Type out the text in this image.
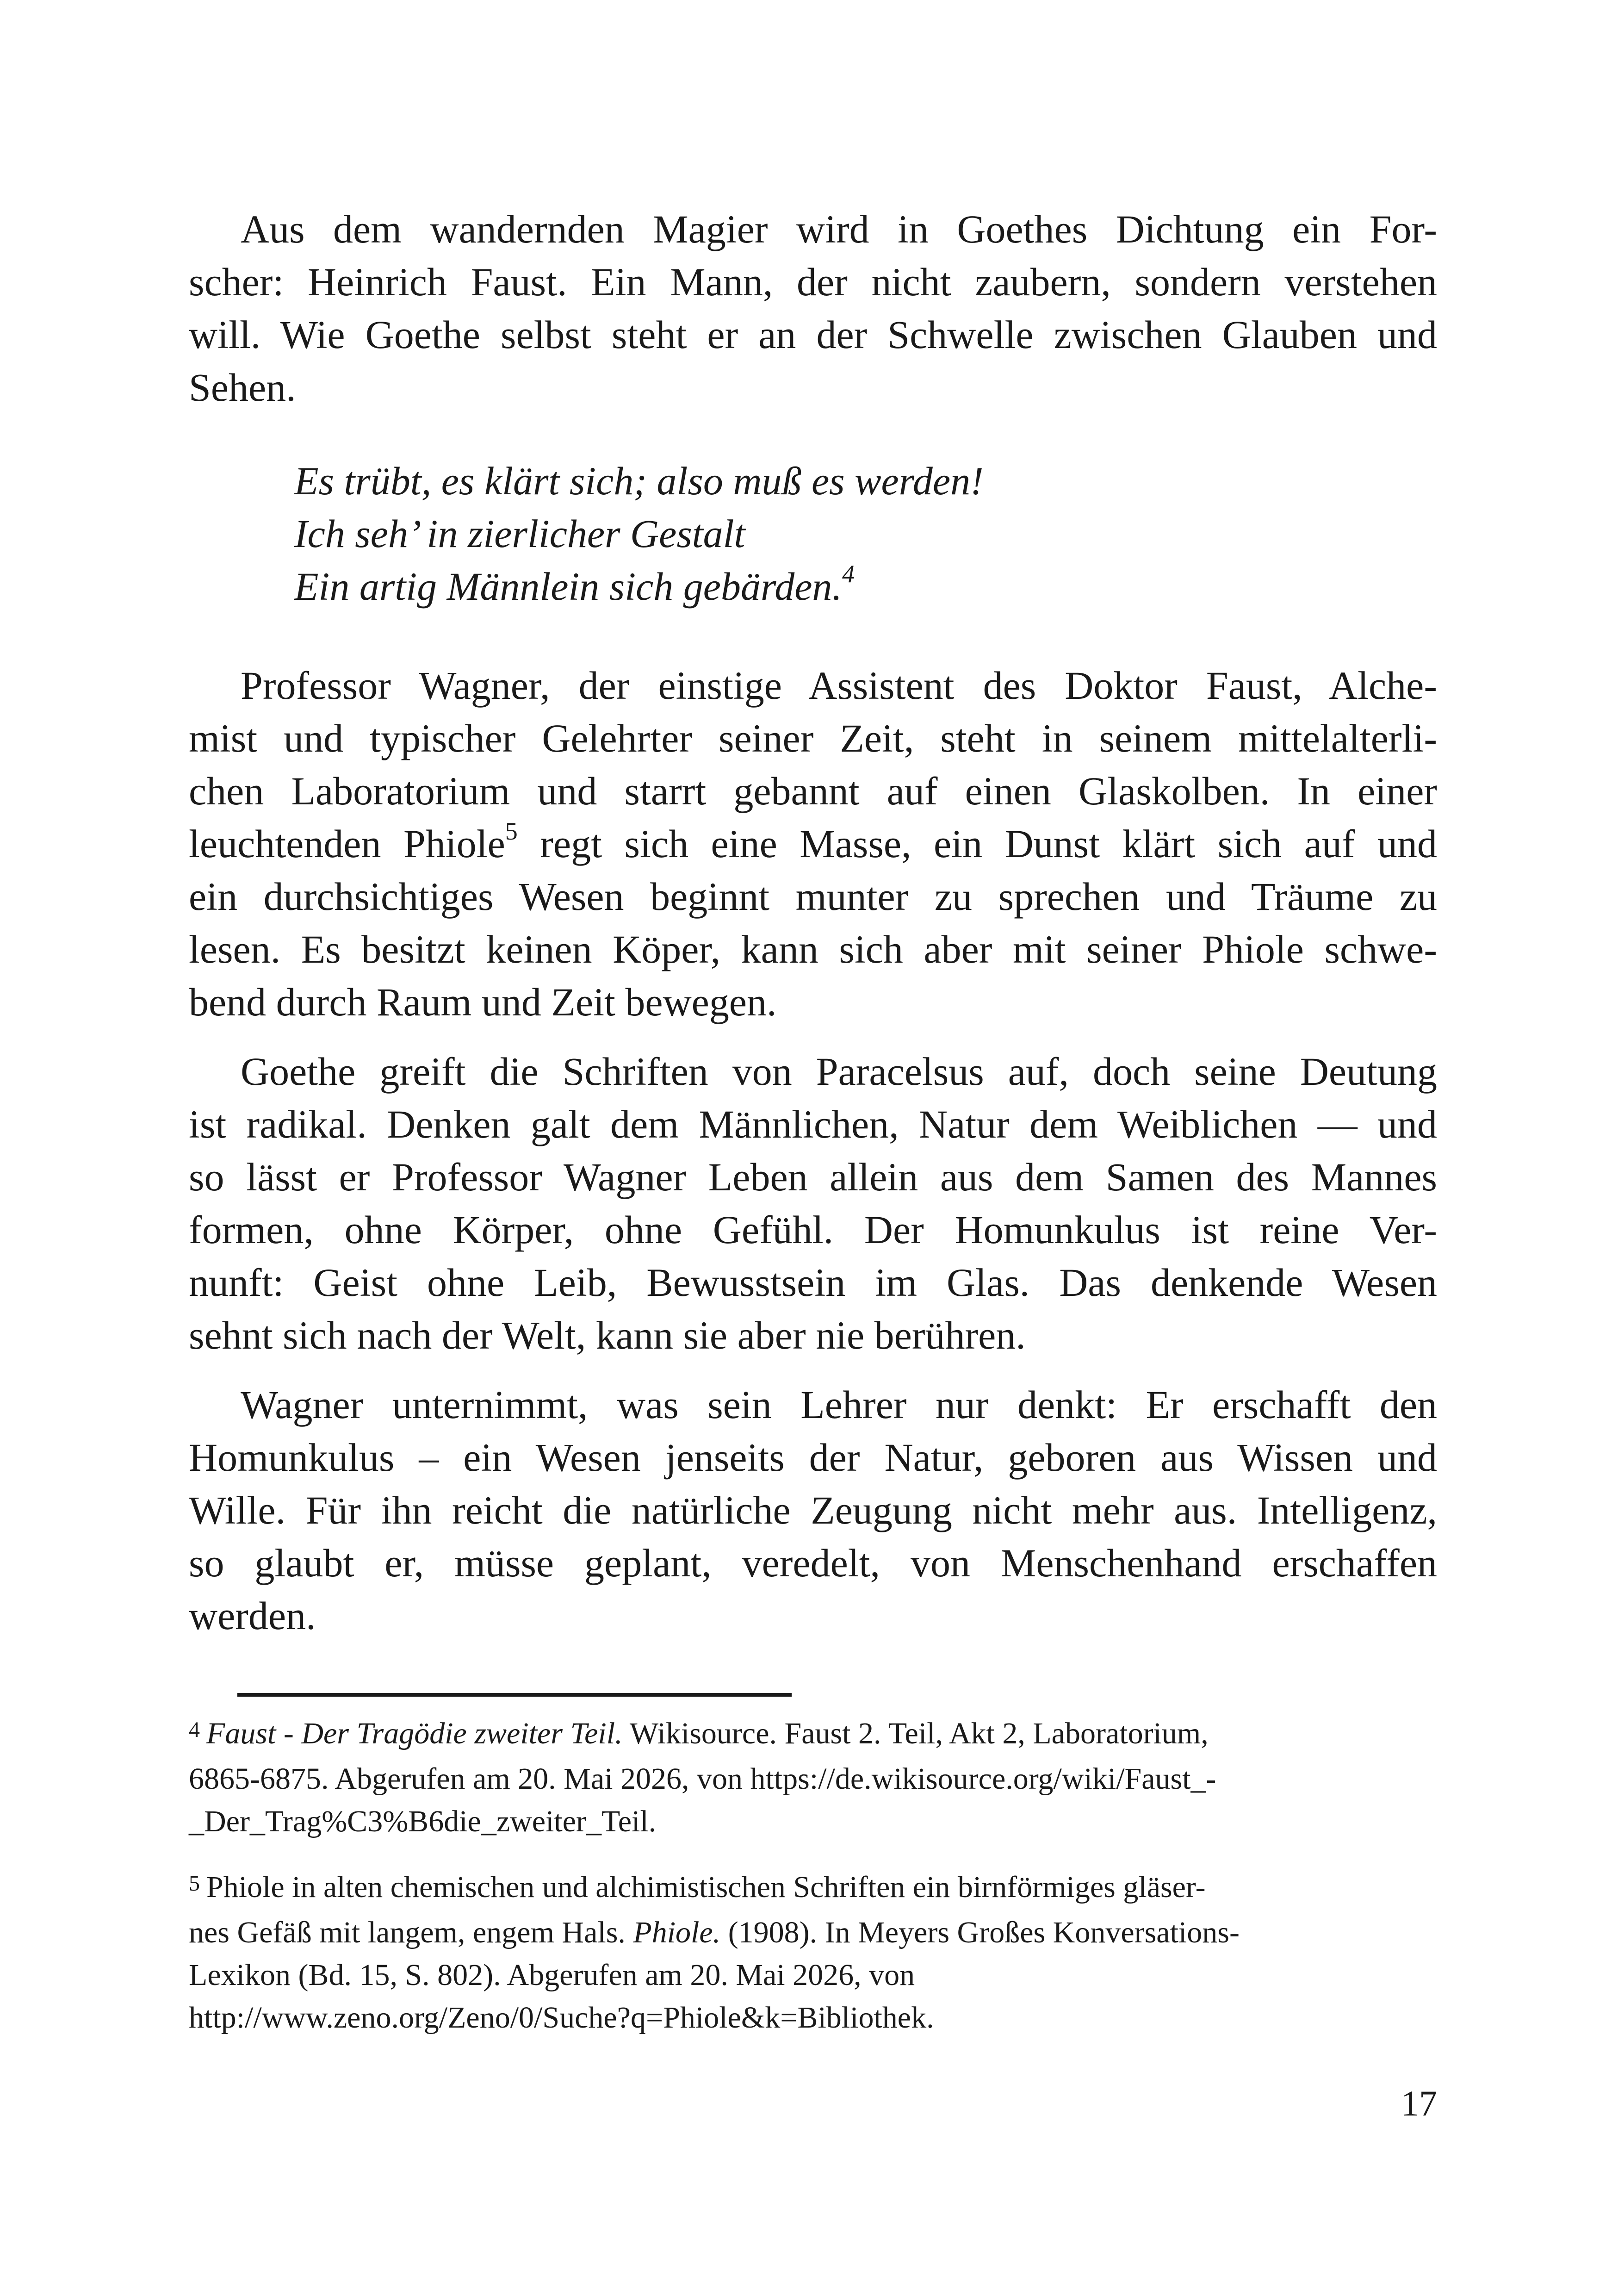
Aus dem wandernden Magier wird in Goethes Dichtung ein For-
scher: Heinrich Faust. Ein Mann, der nicht zaubern, sondern verstehen
will. Wie Goethe selbst steht er an der Schwelle zwischen Glauben und
Sehen.
Es trübt, es klärt sich; also muß es werden!
Ich seh’ in zierlicher Gestalt
Ein artig Männlein sich gebärden.$^4$
Professor Wagner, der einstige Assistent des Doktor Faust, Alche-
mist und typischer Gelehrter seiner Zeit, steht in seinem mittelalterli-
chen Laboratorium und starrt gebannt auf einen Glaskolben. In einer
leuchtenden Phiole$^5$ regt sich eine Masse, ein Dunst klärt sich auf und
ein durchsichtiges Wesen beginnt munter zu sprechen und Träume zu
lesen. Es besitzt keinen Köper, kann sich aber mit seiner Phiole schwe-
bend durch Raum und Zeit bewegen.
Goethe greift die Schriften von Paracelsus auf, doch seine Deutung
ist radikal. Denken galt dem Männlichen, Natur dem Weiblichen — und
so lässt er Professor Wagner Leben allein aus dem Samen des Mannes
formen, ohne Körper, ohne Gefühl. Der Homunkulus ist reine Ver-
nunft: Geist ohne Leib, Bewusstsein im Glas. Das denkende Wesen
sehnt sich nach der Welt, kann sie aber nie berühren.
Wagner unternimmt, was sein Lehrer nur denkt: Er erschafft den
Homunkulus – ein Wesen jenseits der Natur, geboren aus Wissen und
Wille. Für ihn reicht die natürliche Zeugung nicht mehr aus. Intelligenz,
so glaubt er, müsse geplant, veredelt, von Menschenhand erschaffen
werden.
$^4$ Faust - Der Tragödie zweiter Teil. Wikisource. Faust 2. Teil, Akt 2, Laboratorium,
6865-6875. Abgerufen am 20. Mai 2026, von https://de.wikisource.org/wiki/Faust_-
_Der_Trag%C3%B6die_zweiter_Teil.
$^5$ Phiole in alten chemischen und alchimistischen Schriften ein birnförmiges gläser-
nes Gefäß mit langem, engem Hals. Phiole. (1908). In Meyers Großes Konversations-
Lexikon (Bd. 15, S. 802). Abgerufen am 20. Mai 2026, von
http://www.zeno.org/Zeno/0/Suche?q=Phiole&k=Bibliothek.
17
